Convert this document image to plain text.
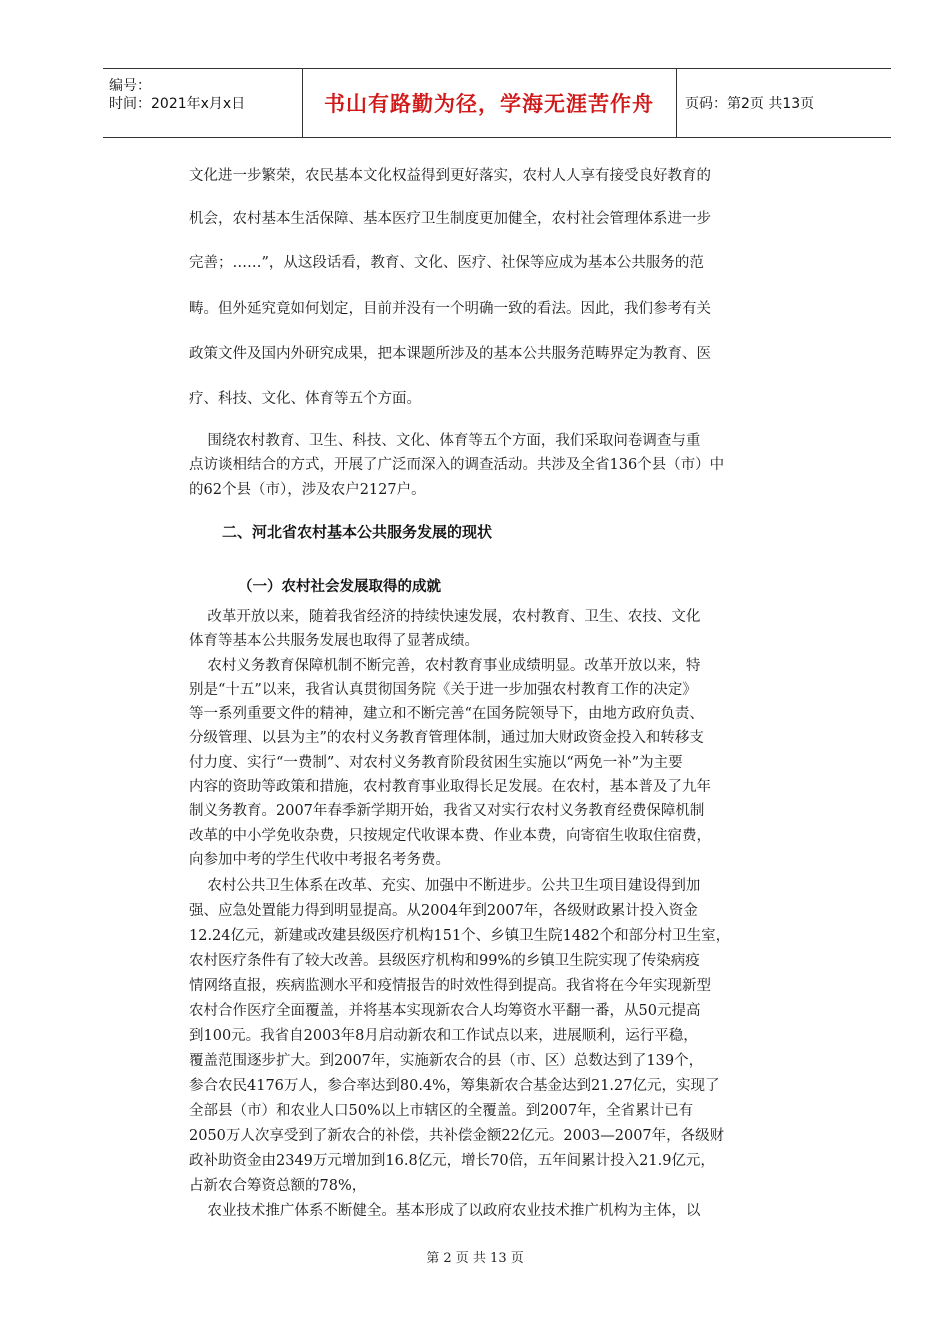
编号：
时间：2021年x月x日	书山有路勤为径，学海无涯苦作舟	页码：第2页 共13页
文化进一步繁荣，农民基本文化权益得到更好落实，农村人人享有接受良好教育的
机会，农村基本生活保障、基本医疗卫生制度更加健全，农村社会管理体系进一步
完善；……”，从这段话看，教育、文化、医疗、社保等应成为基本公共服务的范
畴。但外延究竟如何划定，目前并没有一个明确一致的看法。因此，我们参考有关
政策文件及国内外研究成果，把本课题所涉及的基本公共服务范畴界定为教育、医
疗、科技、文化、体育等五个方面。
围绕农村教育、卫生、科技、文化、体育等五个方面，我们采取问卷调查与重
点访谈相结合的方式，开展了广泛而深入的调查活动。共涉及全省136个县（市）中
的62个县（市），涉及农户2127户。
二、河北省农村基本公共服务发展的现状
（一）农村社会发展取得的成就
改革开放以来，随着我省经济的持续快速发展，农村教育、卫生、农技、文化
体育等基本公共服务发展也取得了显著成绩。
农村义务教育保障机制不断完善，农村教育事业成绩明显。改革开放以来，特
别是“十五”以来，我省认真贯彻国务院《关于进一步加强农村教育工作的决定》
等一系列重要文件的精神，建立和不断完善“在国务院领导下，由地方政府负责、
分级管理、以县为主”的农村义务教育管理体制，通过加大财政资金投入和转移支
付力度、实行“一费制”、对农村义务教育阶段贫困生实施以“两免一补”为主要
内容的资助等政策和措施，农村教育事业取得长足发展。在农村，基本普及了九年
制义务教育。2007年春季新学期开始，我省又对实行农村义务教育经费保障机制
改革的中小学免收杂费，只按规定代收课本费、作业本费，向寄宿生收取住宿费，
向参加中考的学生代收中考报名考务费。
农村公共卫生体系在改革、充实、加强中不断进步。公共卫生项目建设得到加
强、应急处置能力得到明显提高。从2004年到2007年，各级财政累计投入资金
12.24亿元，新建或改建县级医疗机构151个、乡镇卫生院1482个和部分村卫生室，
农村医疗条件有了较大改善。县级医疗机构和99%的乡镇卫生院实现了传染病疫
情网络直报，疾病监测水平和疫情报告的时效性得到提高。我省将在今年实现新型
农村合作医疗全面覆盖，并将基本实现新农合人均筹资水平翻一番，从50元提高
到100元。我省自2003年8月启动新农和工作试点以来，进展顺利，运行平稳，
覆盖范围逐步扩大。到2007年，实施新农合的县（市、区）总数达到了139个，
参合农民4176万人，参合率达到80.4%，筹集新农合基金达到21.27亿元，实现了
全部县（市）和农业人口50%以上市辖区的全覆盖。到2007年，全省累计已有
2050万人次享受到了新农合的补偿，共补偿金额22亿元。2003—2007年，各级财
政补助资金由2349万元增加到16.8亿元，增长70倍，五年间累计投入21.9亿元，
占新农合筹资总额的78%，
农业技术推广体系不断健全。基本形成了以政府农业技术推广机构为主体，以
第 2 页 共 13 页
